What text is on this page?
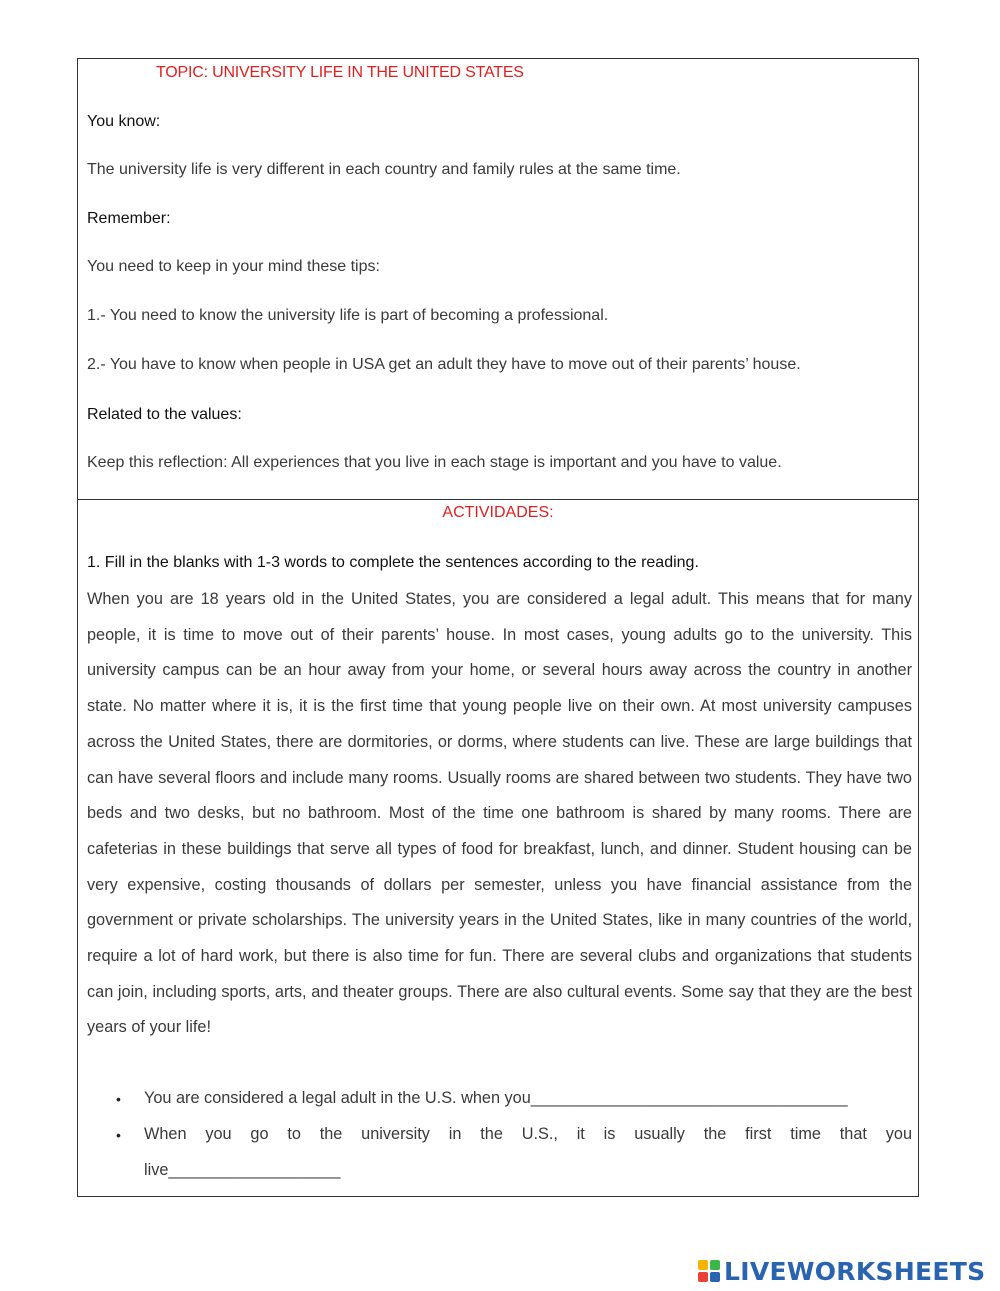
TOPIC: UNIVERSITY LIFE IN THE UNITED STATES

You know:

The university life is very different in each country and family rules at the same time.

Remember:

You need to keep in your mind these tips:

1.- You need to know the university life is part of becoming a professional.

2.- You have to know when people in USA get an adult they have to move out of their parents’ house.

Related to the values:

Keep this reflection: All experiences that you live in each stage is important and you have to value.

ACTIVIDADES:

1. Fill in the blanks with 1-3 words to complete the sentences according to the reading.

When you are 18 years old in the United States, you are considered a legal adult. This means that for many people, it is time to move out of their parents’ house. In most cases, young adults go to the university. This university campus can be an hour away from your home, or several hours away across the country in another state. No matter where it is, it is the first time that young people live on their own. At most university campuses across the United States, there are dormitories, or dorms, where students can live. These are large buildings that can have several floors and include many rooms. Usually rooms are shared between two students. They have two beds and two desks, but no bathroom. Most of the time one bathroom is shared by many rooms. There are cafeterias in these buildings that serve all types of food for breakfast, lunch, and dinner. Student housing can be very expensive, costing thousands of dollars per semester, unless you have financial assistance from the government or private scholarships. The university years in the United States, like in many countries of the world, require a lot of hard work, but there is also time for fun. There are several clubs and organizations that students can join, including sports, arts, and theater groups. There are also cultural events. Some say that they are the best years of your life!

• You are considered a legal adult in the U.S. when you___________________________________

• When you go to the university in the U.S., it is usually the first time that you

live___________________

LIVEWORKSHEETS
